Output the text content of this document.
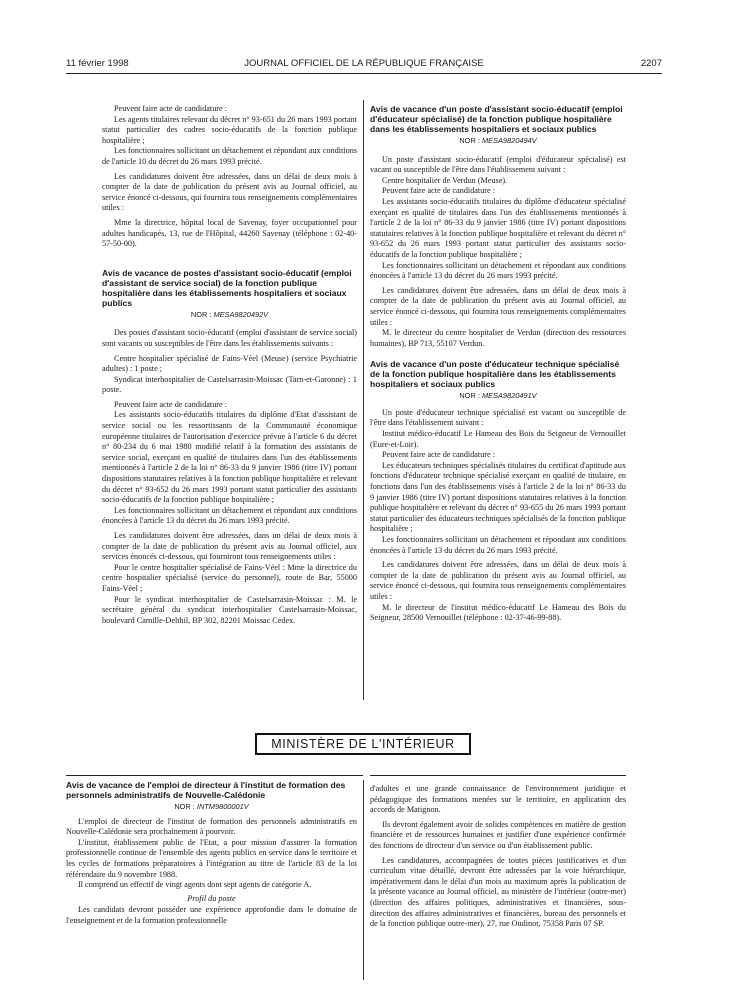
11 février 1998	JOURNAL OFFICIEL DE LA RÉPUBLIQUE FRANÇAISE	2207

Peuvent faire acte de candidature :

Les agents titulaires relevant du décret n° 93-651 du 26 mars 1993 portant statut particulier des cadres socio-éducatifs de la fonction publique hospitalière ;

Les fonctionnaires sollicitant un détachement et répondant aux conditions de l'article 10 du décret du 26 mars 1993 précité.

Les candidatures doivent être adressées, dans un délai de deux mois à compter de la date de publication du présent avis au Journal officiel, au service énoncé ci-dessous, qui fournira tous renseignements complémentaires utiles :

Mme la directrice, hôpital local de Savenay, foyer occupationnel pour adultes handicapés, 13, rue de l'Hôpital, 44260 Savenay (téléphone : 02-40-57-50-00).

Avis de vacance de postes d'assistant socio-éducatif (emploi d'assistant de service social) de la fonction publique hospitalière dans les établissements hospitaliers et sociaux publics

NOR : MESA9820492V

Des postes d'assistant socio-éducatif (emploi d'assistant de service social) sont vacants ou susceptibles de l'être dans les établissements suivants :

Centre hospitalier spécialisé de Fains-Véel (Meuse) (service Psychiatrie adultes) : 1 poste ;

Syndicat interhospitalier de Castelsarrasin-Moissac (Tarn-et-Garonne) : 1 poste.

Peuvent faire acte de candidature :

Les assistants socio-éducatifs titulaires du diplôme d'Etat d'assistant de service social ou les ressortissants de la Communauté économique européenne titulaires de l'autorisation d'exercice prévue à l'article 6 du décret n° 80-234 du 6 mai 1980 modifié relatif à la formation des assistants de service social, exerçant en qualité de titulaires dans l'un des établissements mentionnés à l'article 2 de la loi n° 86-33 du 9 janvier 1986 (titre IV) portant dispositions statutaires relatives à la fonction publique hospitalière et relevant du décret n° 93-652 du 26 mars 1993 portant statut particulier des assistants socio-éducatifs de la fonction publique hospitalière ;

Les fonctionnaires sollicitant un détachement et répondant aux conditions énoncées à l'article 13 du décret du 26 mars 1993 précité.

Les candidatures doivent être adressées, dans un délai de deux mois à compter de la date de publication du présent avis au Journal officiel, aux services énoncés ci-dessous, qui fourniront tous renseignements utiles :

Pour le centre hospitalier spécialisé de Fains-Véel : Mme la directrice du centre hospitalier spécialisé (service du personnel), route de Bar, 55000 Fains-Véel ;

Pour le syndicat interhospitalier de Castelsarrasin-Moissac : M. le secrétaire général du syndicat interhospitalier Castelsarrasin-Moissac, boulevard Camille-Delthil, BP 302, 82201 Moissac Cedex.

Avis de vacance d'un poste d'assistant socio-éducatif (emploi d'éducateur spécialisé) de la fonction publique hospitalière dans les établissements hospitaliers et sociaux publics

NOR : MESA9820494V

Un poste d'assistant socio-éducatif (emploi d'éducateur spécialisé) est vacant ou susceptible de l'être dans l'établissement suivant :

Centre hospitalier de Verdun (Meuse).

Peuvent faire acte de candidature :

Les assistants socio-éducatifs titulaires du diplôme d'éducateur spécialisé exerçant en qualité de titulaires dans l'un des établissements mentionnés à l'article 2 de la loi n° 86-33 du 9 janvier 1986 (titre IV) portant dispositions statutaires relatives à la fonction publique hospitalière et relevant du décret n° 93-652 du 26 mars 1993 portant statut particulier des assistants socio-éducatifs de la fonction publique hospitalière ;

Les fonctionnaires sollicitant un détachement et répondant aux conditions énoncées à l'article 13 du décret du 26 mars 1993 précité.

Les candidatures doivent être adressées, dans un délai de deux mois à compter de la date de publication du présent avis au Journal officiel, au service énoncé ci-dessous, qui fournira tous renseignements complémentaires utiles :

M. le directeur du centre hospitalier de Verdun (direction des ressources humaines), BP 713, 55107 Verdun.

Avis de vacance d'un poste d'éducateur technique spécialisé de la fonction publique hospitalière dans les établissements hospitaliers et sociaux publics

NOR : MESA9820491V

Un poste d'éducateur technique spécialisé est vacant ou susceptible de l'être dans l'établissement suivant :

Institut médico-éducatif Le Hameau des Bois du Seigneur de Vernouillet (Eure-et-Loir).

Peuvent faire acte de candidature :

Les éducateurs techniques spécialisés titulaires du certificat d'aptitude aux fonctions d'éducateur technique spécialisé exerçant en qualité de titulaire, en fonctions dans l'un des établissements visés à l'article 2 de la loi n° 86-33 du 9 janvier 1986 (titre IV) portant dispositions statutaires relatives à la fonction publique hospitalière et relevant du décret n° 93-655 du 26 mars 1993 portant statut particulier des éducateurs techniques spécialisés de la fonction publique hospitalière ;

Les fonctionnaires sollicitant un détachement et répondant aux conditions énoncées à l'article 13 du décret du 26 mars 1993 précité.

Les candidatures doivent être adressées, dans un délai de deux mois à compter de la date de publication du présent avis au Journal officiel, au service énoncé ci-dessous, qui fournira tous renseignements complémentaires utiles :

M. le directeur de l'institut médico-éducatif Le Hameau des Bois du Seigneur, 28500 Vernouillet (téléphone : 02-37-46-99-88).

MINISTÈRE DE L'INTÉRIEUR

Avis de vacance de l'emploi de directeur à l'institut de formation des personnels administratifs de Nouvelle-Calédonie

NOR : INTM9800001V

L'emploi de directeur de l'institut de formation des personnels administratifs en Nouvelle-Calédonie sera prochainement à pourvoir.

L'institut, établissement public de l'Etat, a pour mission d'assurer la formation professionnelle continue de l'ensemble des agents publics en service dans le territoire et les cycles de formations préparatoires à l'intégration au titre de l'article 83 de la loi référendaire du 9 novembre 1988.

Il comprend un effectif de vingt agents dont sept agents de catégorie A.

Profil du poste

Les candidats devront posséder une expérience approfondie dans le domaine de l'enseignement et de la formation professionnelle

d'adultes et une grande connaissance de l'environnement juridique et pédagogique des formations menées sur le territoire, en application des accords de Matignon.

Ils devront également avoir de solides compétences en matière de gestion financière et de ressources humaines et justifier d'une expérience confirmée des fonctions de directeur d'un service ou d'un établissement public.

Les candidatures, accompagnées de toutes pièces justificatives et d'un curriculum vitae détaillé, devront être adressées par la voie hiérarchique, impérativement dans le délai d'un mois au maximum après la publication de la présente vacance au Journal officiel, au ministère de l'intérieur (outre-mer) (direction des affaires politiques, administratives et financières, sous-direction des affaires administratives et financières, bureau des personnels et de la fonction publique outre-mer), 27, rue Oudinot, 75358 Paris 07 SP.
